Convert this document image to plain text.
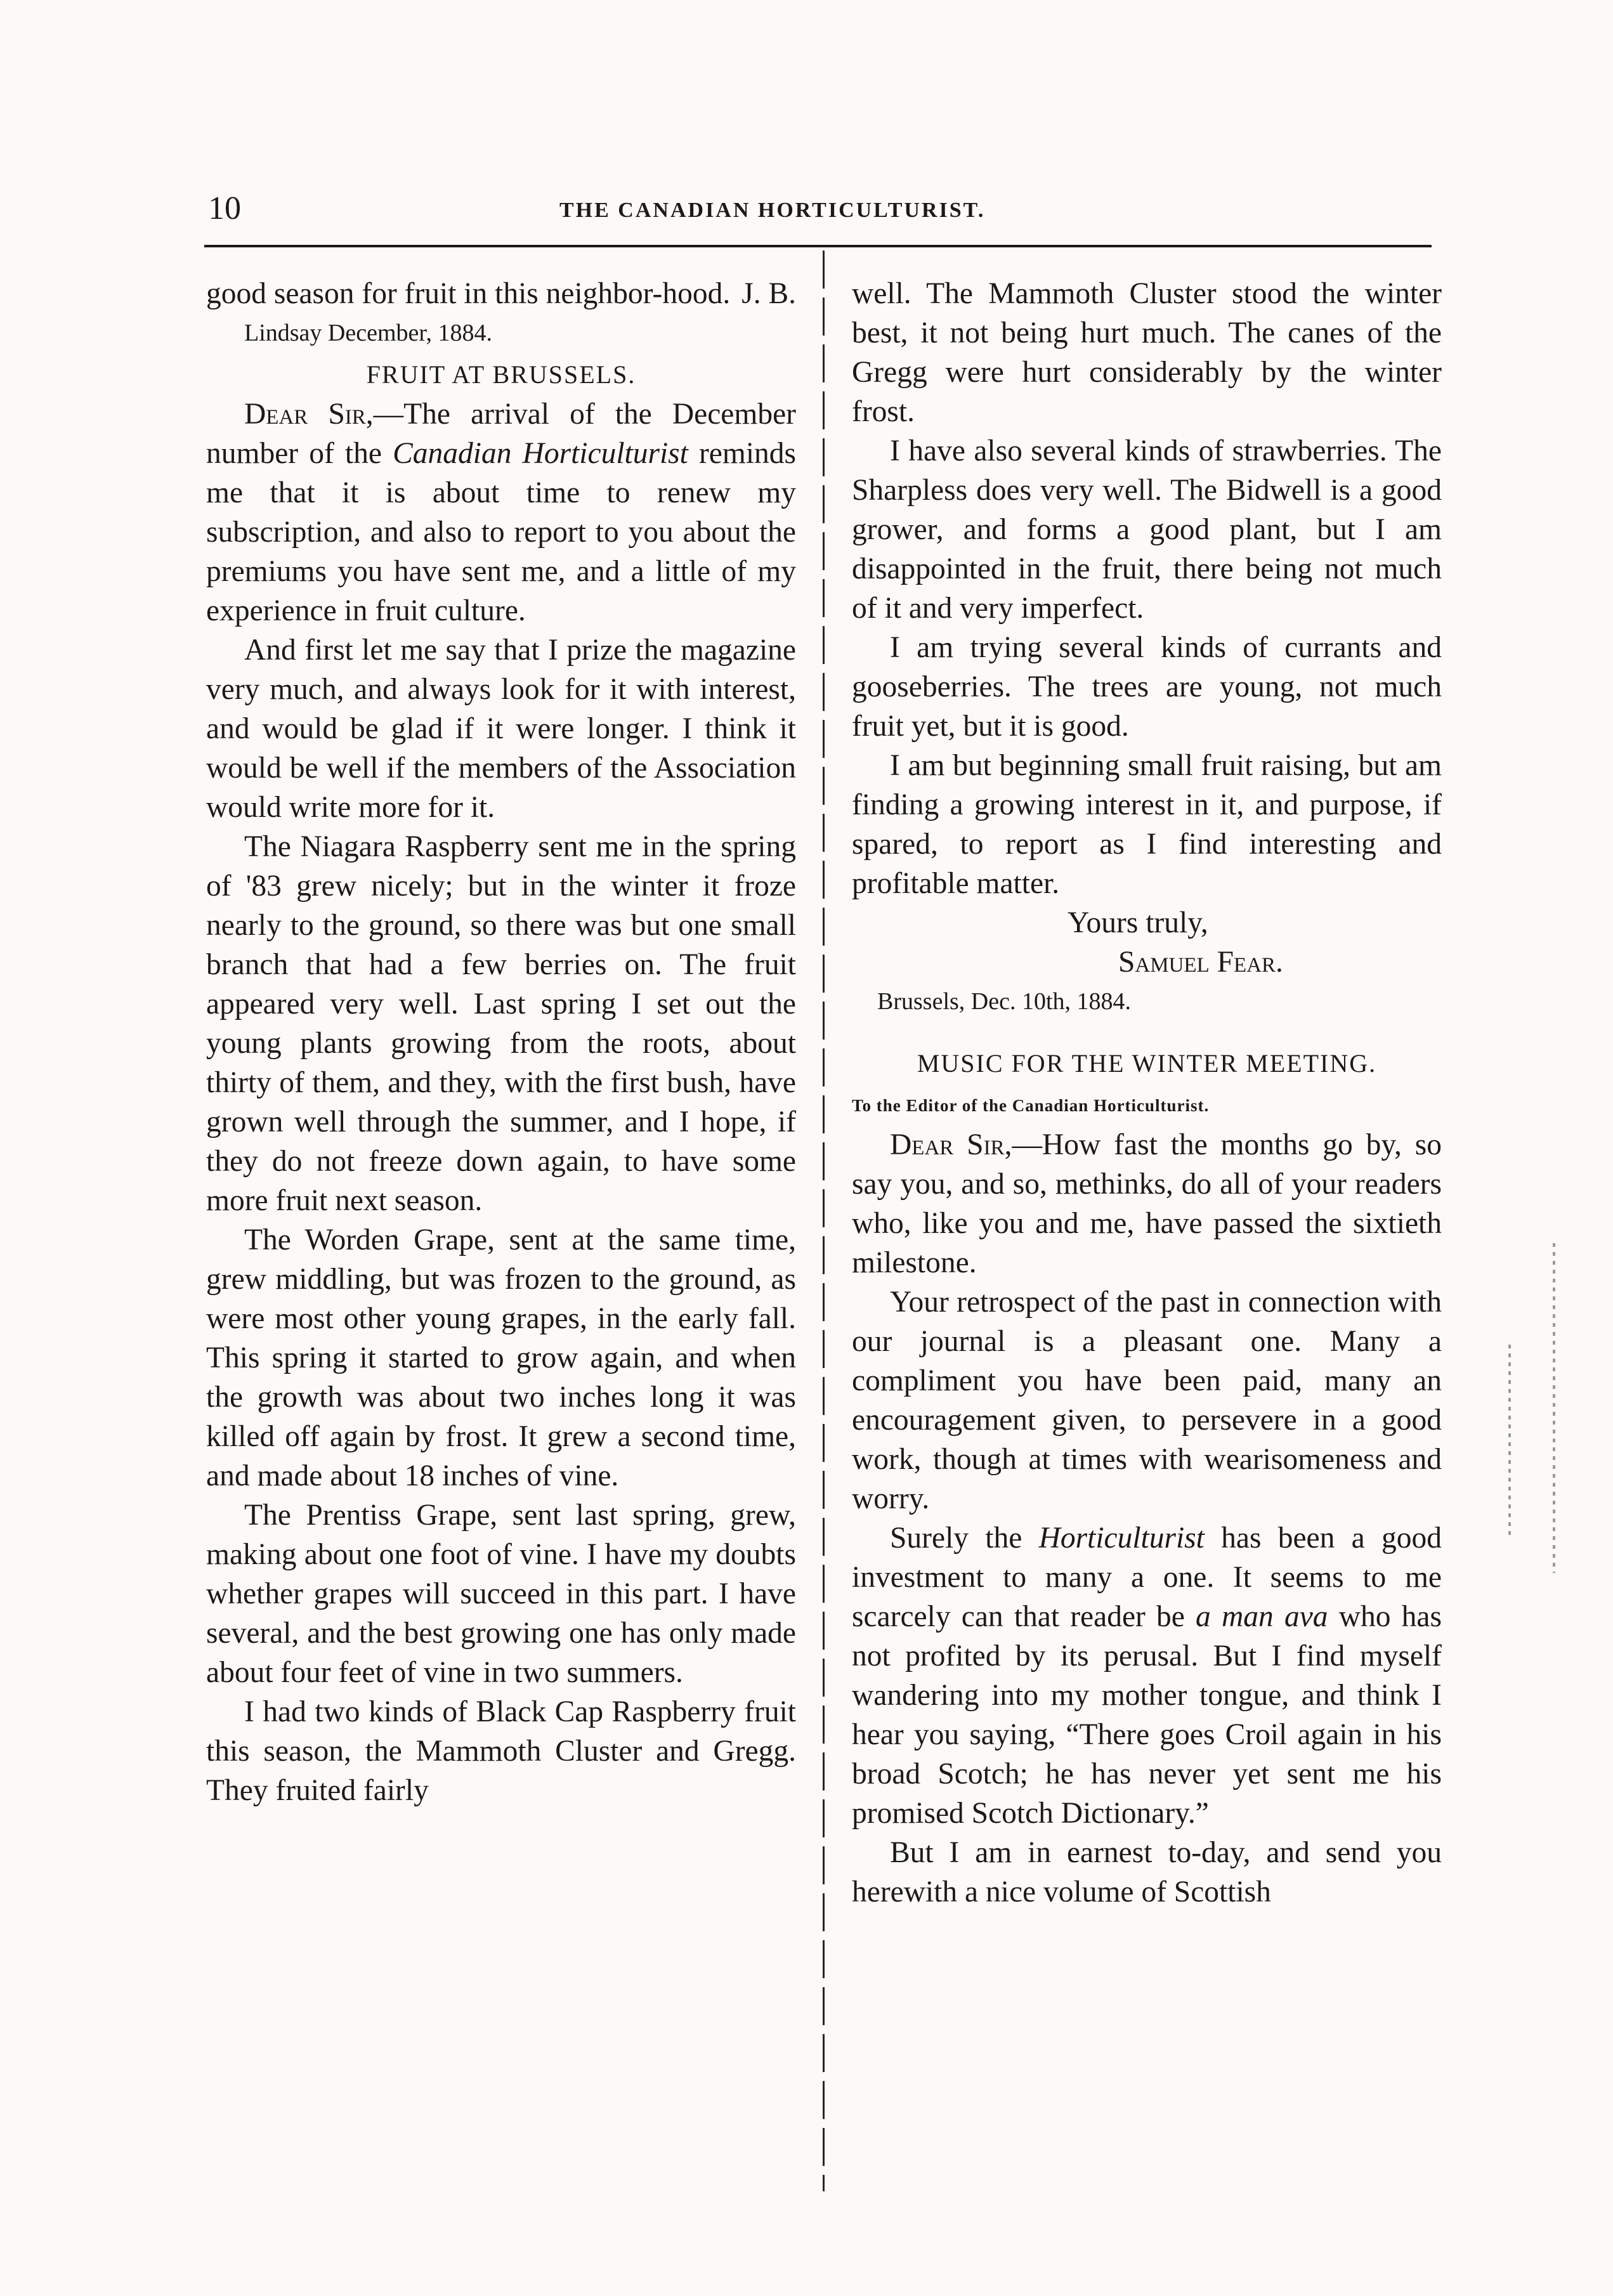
10	THE CANADIAN HORTICULTURIST.

good season for fruit in this neighbor-hood. J. B.

Lindsay December, 1884.

FRUIT AT BRUSSELS.

Dear Sir,—The arrival of the December number of the Canadian Horticulturist reminds me that it is about time to renew my subscription, and also to report to you about the premiums you have sent me, and a little of my experience in fruit culture.

And first let me say that I prize the magazine very much, and always look for it with interest, and would be glad if it were longer. I think it would be well if the members of the Association would write more for it.

The Niagara Raspberry sent me in the spring of '83 grew nicely; but in the winter it froze nearly to the ground, so there was but one small branch that had a few berries on. The fruit appeared very well. Last spring I set out the young plants growing from the roots, about thirty of them, and they, with the first bush, have grown well through the summer, and I hope, if they do not freeze down again, to have some more fruit next season.

The Worden Grape, sent at the same time, grew middling, but was frozen to the ground, as were most other young grapes, in the early fall. This spring it started to grow again, and when the growth was about two inches long it was killed off again by frost. It grew a second time, and made about 18 inches of vine.

The Prentiss Grape, sent last spring, grew, making about one foot of vine. I have my doubts whether grapes will succeed in this part. I have several, and the best growing one has only made about four feet of vine in two summers.

I had two kinds of Black Cap Raspberry fruit this season, the Mammoth Cluster and Gregg. They fruited fairly

well. The Mammoth Cluster stood the winter best, it not being hurt much. The canes of the Gregg were hurt considerably by the winter frost.

I have also several kinds of strawberries. The Sharpless does very well. The Bidwell is a good grower, and forms a good plant, but I am disappointed in the fruit, there being not much of it and very imperfect.

I am trying several kinds of currants and gooseberries. The trees are young, not much fruit yet, but it is good.

I am but beginning small fruit raising, but am finding a growing interest in it, and purpose, if spared, to report as I find interesting and profitable matter.

Yours truly,

Samuel Fear.

Brussels, Dec. 10th, 1884.

MUSIC FOR THE WINTER MEETING.

To the Editor of the Canadian Horticulturist.

Dear Sir,—How fast the months go by, so say you, and so, methinks, do all of your readers who, like you and me, have passed the sixtieth milestone.

Your retrospect of the past in connection with our journal is a pleasant one. Many a compliment you have been paid, many an encouragement given, to persevere in a good work, though at times with wearisomeness and worry.

Surely the Horticulturist has been a good investment to many a one. It seems to me scarcely can that reader be a man ava who has not profited by its perusal. But I find myself wandering into my mother tongue, and think I hear you saying, “There goes Croil again in his broad Scotch; he has never yet sent me his promised Scotch Dictionary.”

But I am in earnest to-day, and send you herewith a nice volume of Scottish
